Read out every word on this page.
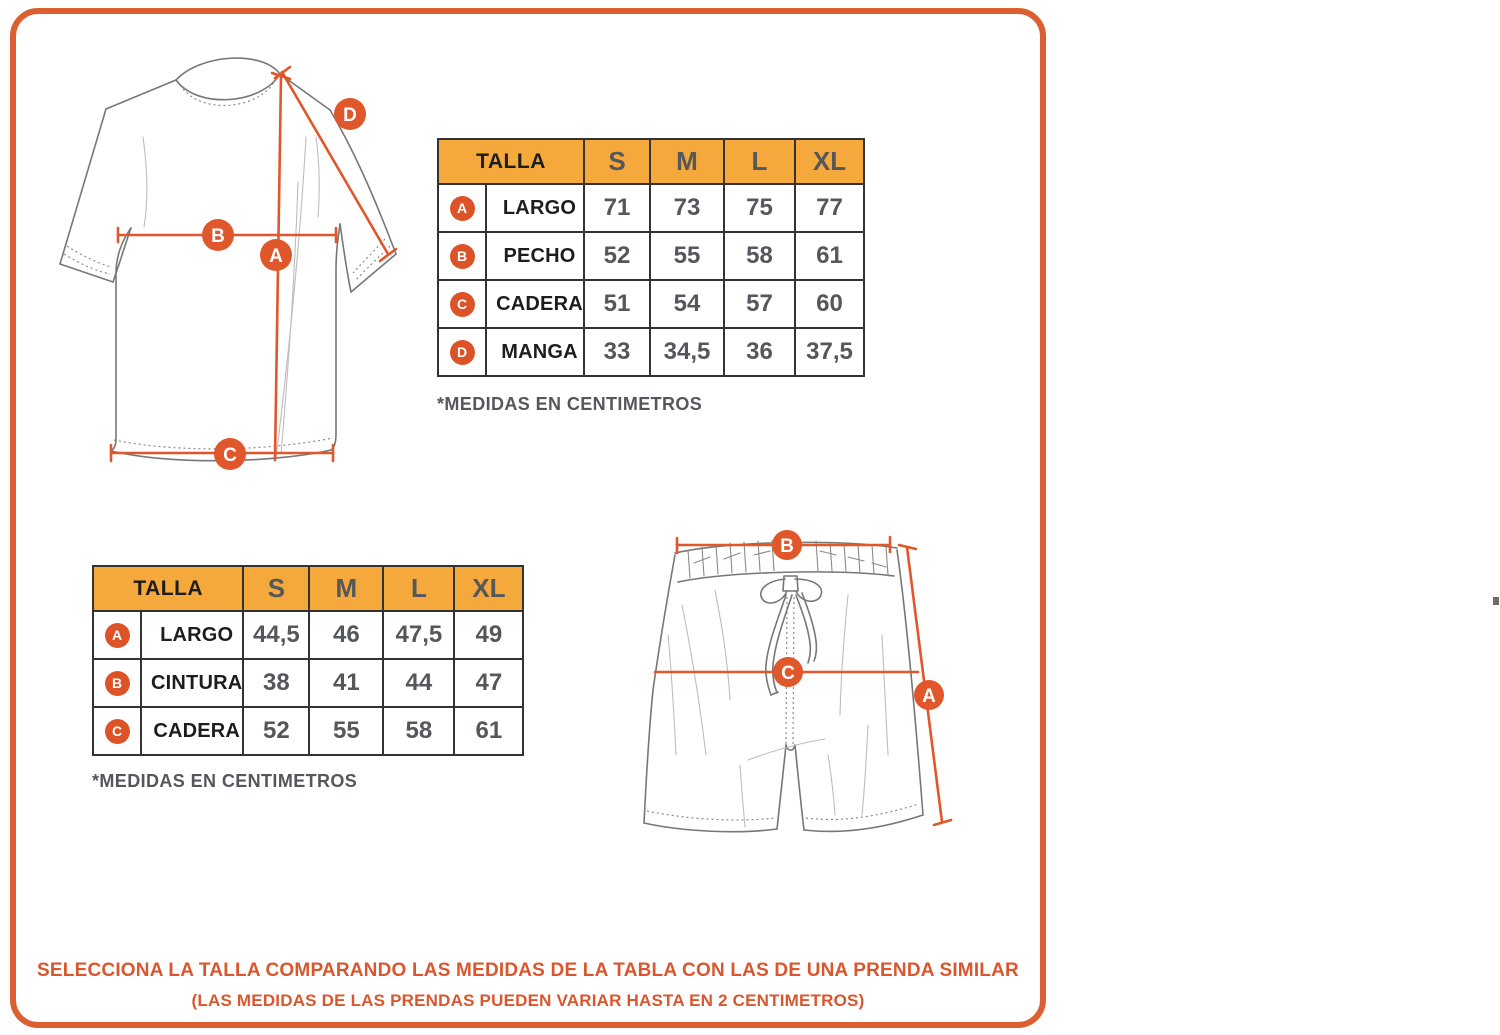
B
A
C
D
TALLA		S	M	L	XL
A	LARGO	71	73	75	77
B	PECHO	52	55	58	61
C	CADERA	51	54	57	60
D	MANGA	33	34,5	36	37,5
*MEDIDAS EN CENTIMETROS
TALLA		S	M	L	XL
A	LARGO	44,5	46	47,5	49
B	CINTURA	38	41	44	47
C	CADERA	52	55	58	61
*MEDIDAS EN CENTIMETROS
B
C
A
SELECCIONA LA TALLA COMPARANDO LAS MEDIDAS DE LA TABLA CON LAS DE UNA PRENDA SIMILAR
(LAS MEDIDAS DE LAS PRENDAS PUEDEN VARIAR HASTA EN 2 CENTIMETROS)
